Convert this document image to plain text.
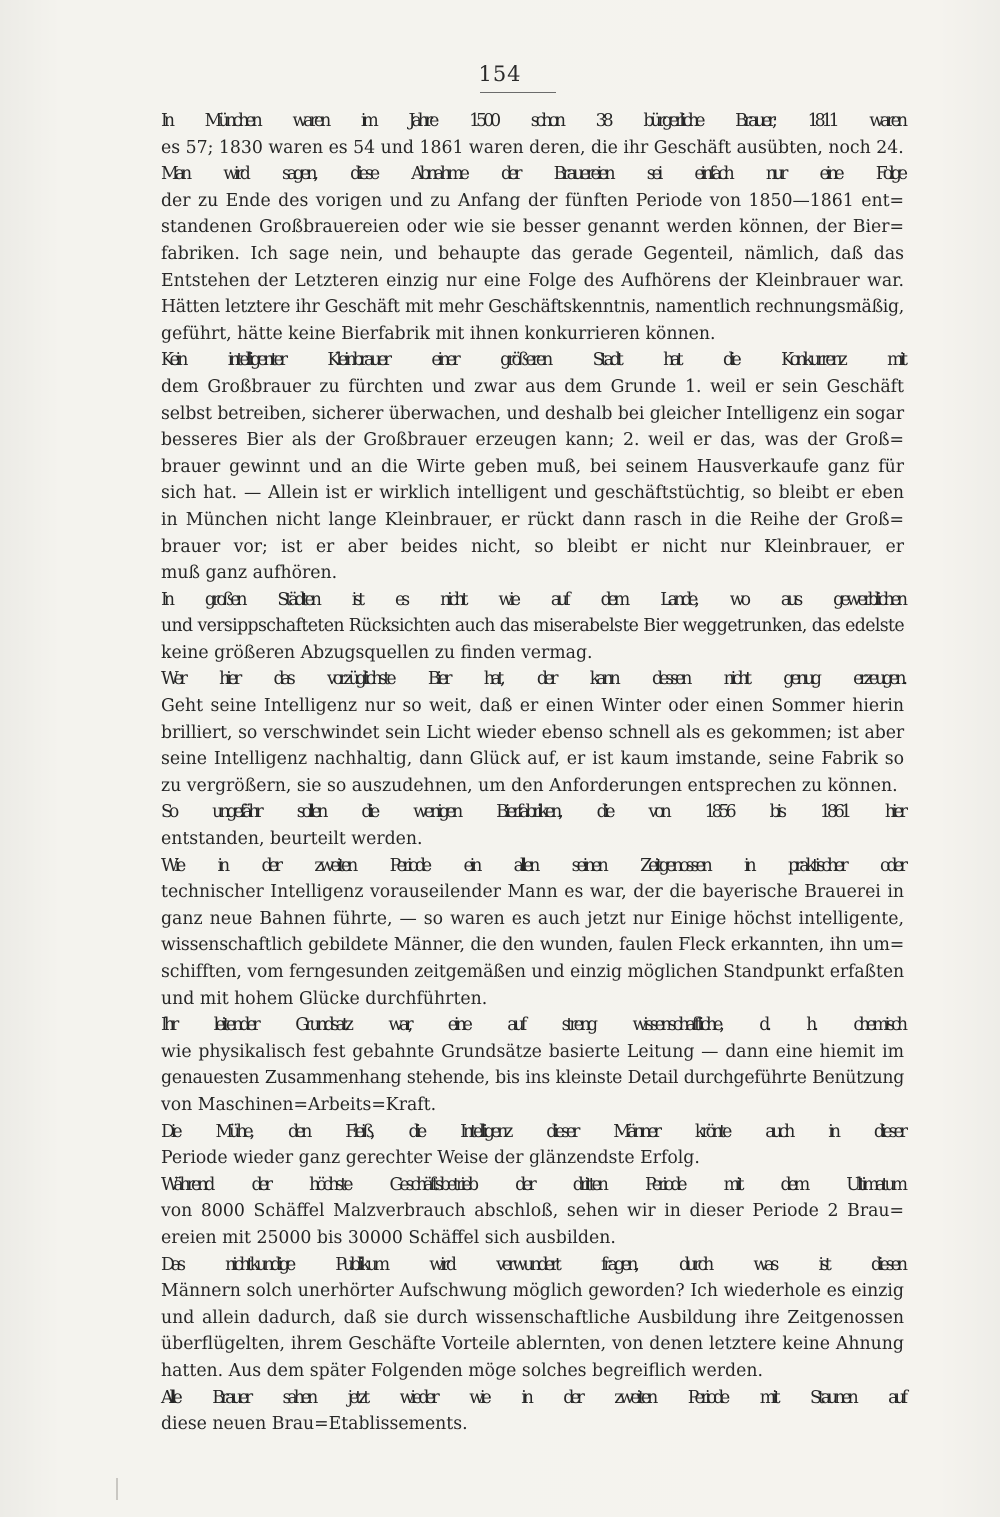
154

In München waren im Jahre 1500 schon 38 bürgerliche Brauer; 1811 waren
es 57; 1830 waren es 54 und 1861 waren deren, die ihr Geschäft ausübten, noch 24.

Man wird sagen, diese Abnahme der Brauereien sei einfach nur eine Folge
der zu Ende des vorigen und zu Anfang der fünften Periode von 1850—1861 ent=
standenen Großbrauereien oder wie sie besser genannt werden können, der Bier=
fabriken. Ich sage nein, und behaupte das gerade Gegenteil, nämlich, daß das
Entstehen der Letzteren einzig nur eine Folge des Aufhörens der Kleinbrauer war.
Hätten letztere ihr Geschäft mit mehr Geschäftskenntnis, namentlich rechnungsmäßig,
geführt, hätte keine Bierfabrik mit ihnen konkurrieren können.

Kein intelligenter Kleinbrauer einer größeren Stadt hat die Konkurrenz mit
dem Großbrauer zu fürchten und zwar aus dem Grunde 1. weil er sein Geschäft
selbst betreiben, sicherer überwachen, und deshalb bei gleicher Intelligenz ein sogar
besseres Bier als der Großbrauer erzeugen kann; 2. weil er das, was der Groß=
brauer gewinnt und an die Wirte geben muß, bei seinem Hausverkaufe ganz für
sich hat. — Allein ist er wirklich intelligent und geschäftstüchtig, so bleibt er eben
in München nicht lange Kleinbrauer, er rückt dann rasch in die Reihe der Groß=
brauer vor; ist er aber beides nicht, so bleibt er nicht nur Kleinbrauer, er
muß ganz aufhören.

In großen Städten ist es nicht wie auf dem Lande, wo aus gewerblichen
und versippschafteten Rücksichten auch das miserabelste Bier weggetrunken, das edelste
keine größeren Abzugsquellen zu finden vermag.

Wer hier das vorzüglichste Bier hat, der kann dessen nicht genug erzeugen.
Geht seine Intelligenz nur so weit, daß er einen Winter oder einen Sommer hierin
brilliert, so verschwindet sein Licht wieder ebenso schnell als es gekommen; ist aber
seine Intelligenz nachhaltig, dann Glück auf, er ist kaum imstande, seine Fabrik so
zu vergrößern, sie so auszudehnen, um den Anforderungen entsprechen zu können.

So ungefähr sollen die wenigen Bierfabriken, die von 1856 bis 1861 hier
entstanden, beurteilt werden.

Wie in der zweiten Periode ein allen seinen Zeitgenossen in praktischer oder
technischer Intelligenz vorauseilender Mann es war, der die bayerische Brauerei in
ganz neue Bahnen führte, — so waren es auch jetzt nur Einige höchst intelligente,
wissenschaftlich gebildete Männer, die den wunden, faulen Fleck erkannten, ihn um=
schifften, vom ferngesunden zeitgemäßen und einzig möglichen Standpunkt erfaßten
und mit hohem Glücke durchführten.

Ihr leitender Grundsatz war, eine auf streng wissenschaftliche, d. h. chemisch
wie physikalisch fest gebahnte Grundsätze basierte Leitung — dann eine hiemit im
genauesten Zusammenhang stehende, bis ins kleinste Detail durchgeführte Benützung
von Maschinen=Arbeits=Kraft.

Die Mühe, den Fleiß, die Intelligenz dieser Männer krönte auch in dieser
Periode wieder ganz gerechter Weise der glänzendste Erfolg.

Während der höchste Geschäftsbetrieb der dritten Periode mit dem Ultimatum
von 8000 Schäffel Malzverbrauch abschloß, sehen wir in dieser Periode 2 Brau=
ereien mit 25000 bis 30000 Schäffel sich ausbilden.

Das nichtkundige Publikum wird verwundert fragen, durch was ist diesen
Männern solch unerhörter Aufschwung möglich geworden? Ich wiederhole es einzig
und allein dadurch, daß sie durch wissenschaftliche Ausbildung ihre Zeitgenossen
überflügelten, ihrem Geschäfte Vorteile ablernten, von denen letztere keine Ahnung
hatten. Aus dem später Folgenden möge solches begreiflich werden.

Alle Brauer sahen jetzt wieder wie in der zweiten Periode mit Staunen auf
diese neuen Brau=Etablissements.
